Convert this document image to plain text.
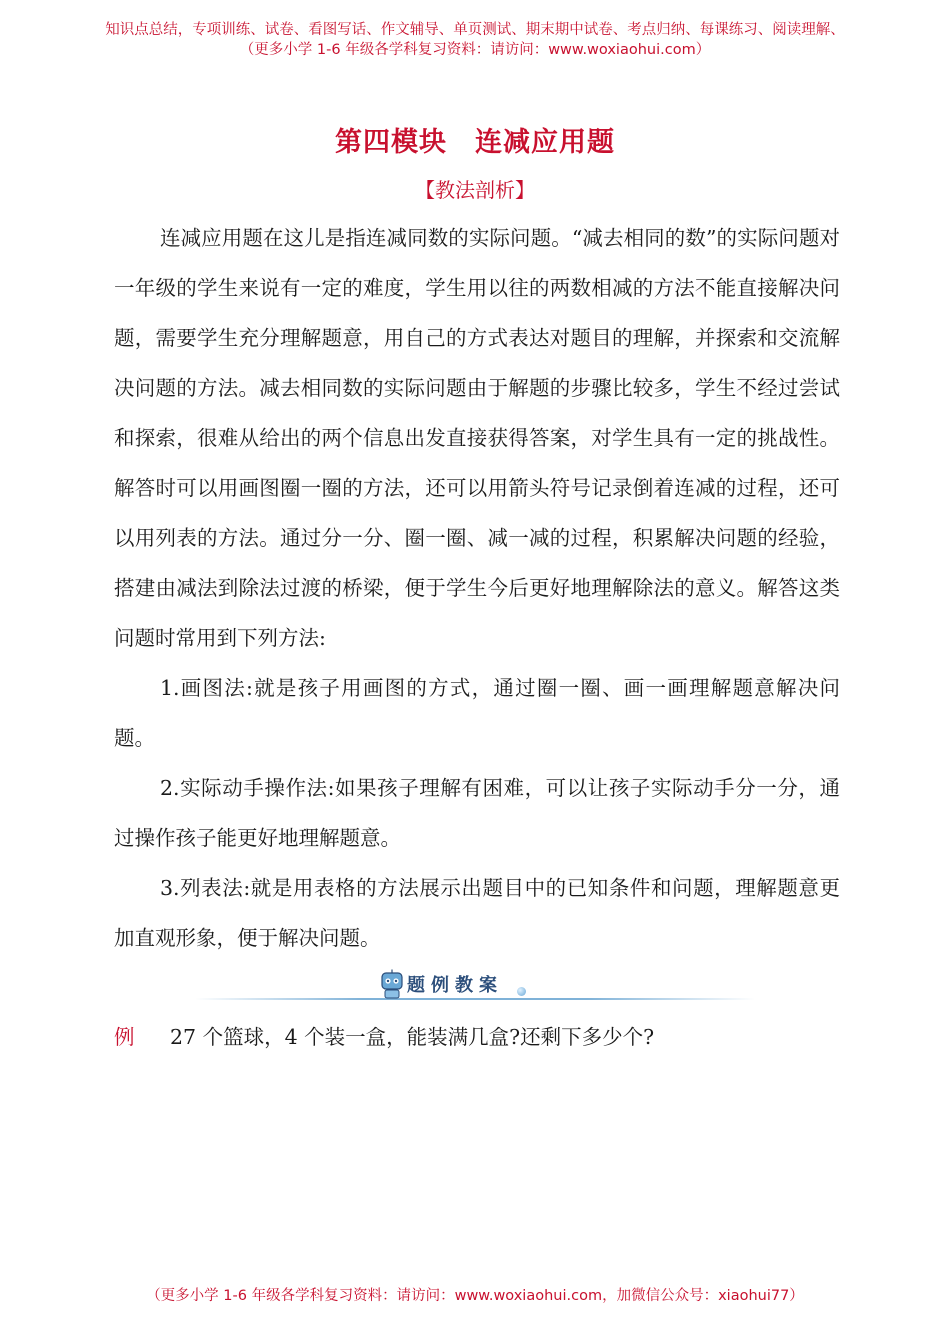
知识点总结，专项训练、试卷、看图写话、作文辅导、单页测试、期末期中试卷、考点归纳、每课练习、阅读理解、
（更多小学 1-6 年级各学科复习资料：请访问：www.woxiaohui.com）
第四模块　连减应用题
【教法剖析】
连减应用题在这儿是指连减同数的实际问题。“减去相同的数”的实际问题对一年级的学生来说有一定的难度，学生用以往的两数相减的方法不能直接解决问题，需要学生充分理解题意，用自己的方式表达对题目的理解，并探索和交流解决问题的方法。减去相同数的实际问题由于解题的步骤比较多，学生不经过尝试和探索，很难从给出的两个信息出发直接获得答案，对学生具有一定的挑战性。解答时可以用画图圈一圈的方法，还可以用箭头符号记录倒着连减的过程，还可以用列表的方法。通过分一分、圈一圈、减一减的过程，积累解决问题的经验，搭建由减法到除法过渡的桥梁，便于学生今后更好地理解除法的意义。解答这类问题时常用到下列方法:
1.画图法:就是孩子用画图的方式，通过圈一圈、画一画理解题意解决问题。
2.实际动手操作法:如果孩子理解有困难，可以让孩子实际动手分一分，通过操作孩子能更好地理解题意。
3.列表法:就是用表格的方法展示出题目中的已知条件和问题，理解题意更加直观形象，便于解决问题。
题例教案
例 27 个篮球，4 个装一盒，能装满几盒?还剩下多少个?
（更多小学 1-6 年级各学科复习资料：请访问：www.woxiaohui.com，加微信公众号：xiaohui77）
